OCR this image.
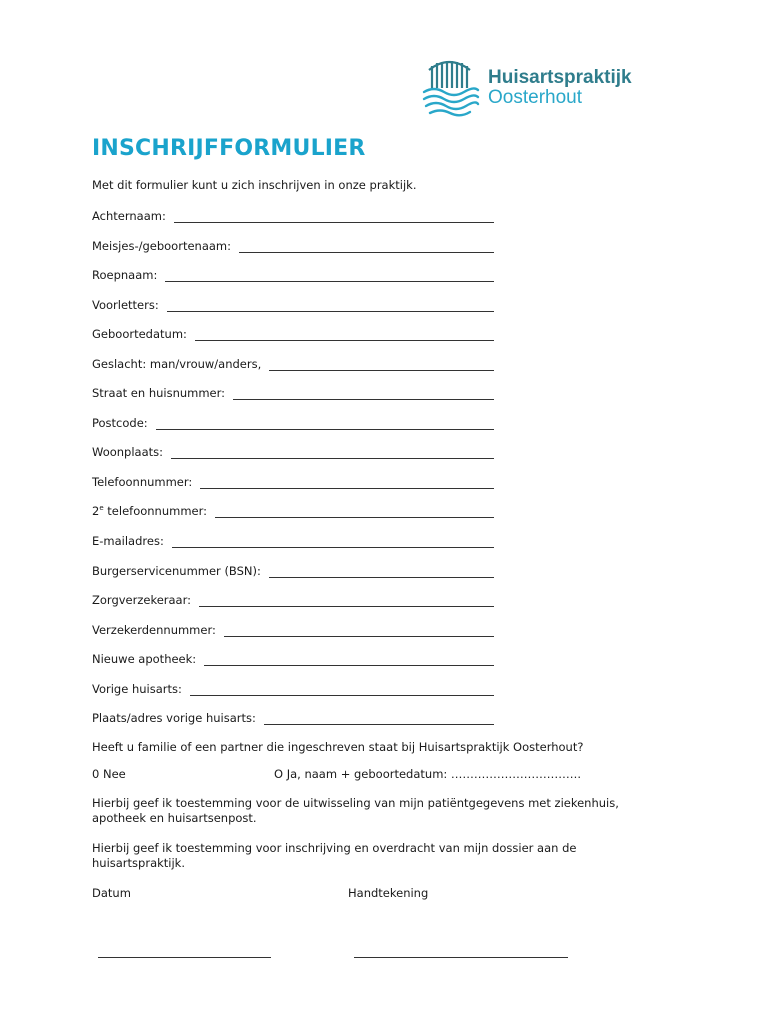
Huisartspraktijk
Oosterhout
INSCHRIJFFORMULIER
Met dit formulier kunt u zich inschrijven in onze praktijk.
Achternaam:
Meisjes-/geboortenaam:
Roepnaam:
Voorletters:
Geboortedatum:
Geslacht: man/vrouw/anders,
Straat en huisnummer:
Postcode:
Woonplaats:
Telefoonnummer:
2e telefoonnummer:
E-mailadres:
Burgerservicenummer (BSN):
Zorgverzekeraar:
Verzekerdennummer:
Nieuwe apotheek:
Vorige huisarts:
Plaats/adres vorige huisarts:
Heeft u familie of een partner die ingeschreven staat bij Huisartspraktijk Oosterhout?
0 Nee	O Ja, naam + geboortedatum: …………………………….
Hierbij geef ik toestemming voor de uitwisseling van mijn patiëntgegevens met ziekenhuis, apotheek en huisartsenpost.
Hierbij geef ik toestemming voor inschrijving en overdracht van mijn dossier aan de huisartspraktijk.
Datum	Handtekening
